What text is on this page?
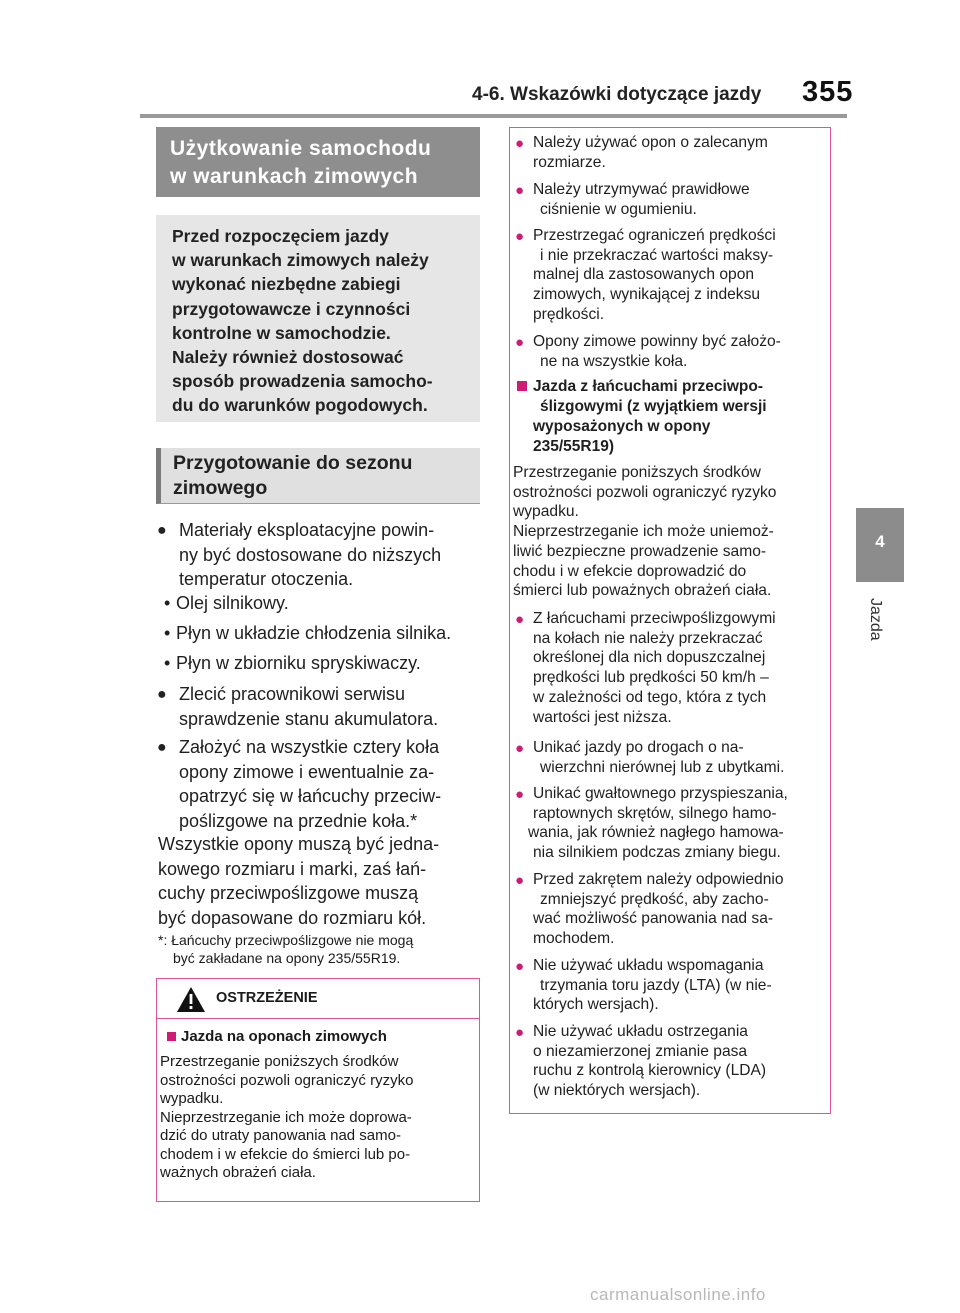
4-6. Wskazówki dotyczące jazdy 355
4
Jazda
Użytkowanie samochodu
w warunkach zimowych
Przed rozpoczęciem jazdy
w warunkach zimowych należy
wykonać niezbędne zabiegi
przygotowawcze i czynności
kontrolne w samochodzie.
Należy również dostosować
sposób prowadzenia samocho-
du do warunków pogodowych.
Przygotowanie do sezonu
zimowego
● Materiały eksploatacyjne powin-
ny być dostosowane do niższych
temperatur otoczenia.
• Olej silnikowy.
• Płyn w układzie chłodzenia silnika.
• Płyn w zbiorniku spryskiwaczy.
● Zlecić pracownikowi serwisu
sprawdzenie stanu akumulatora.
● Założyć na wszystkie cztery koła
opony zimowe i ewentualnie za-
opatrzyć się w łańcuchy przeciw-
poślizgowe na przednie koła.*
Wszystkie opony muszą być jedna-
kowego rozmiaru i marki, zaś łań-
cuchy przeciwpoślizgowe muszą
być dopasowane do rozmiaru kół.
*: Łańcuchy przeciwpoślizgowe nie mogą
być zakładane na opony 235/55R19.
OSTRZEŻENIE
Jazda na oponach zimowych
Przestrzeganie poniższych środków
ostrożności pozwoli ograniczyć ryzyko
wypadku.
Nieprzestrzeganie ich może doprowa-
dzić do utraty panowania nad samo-
chodem i w efekcie do śmierci lub po-
ważnych obrażeń ciała.
● Należy używać opon o zalecanym
rozmiarze.
● Należy utrzymywać prawidłowe
ciśnienie w ogumieniu.
● Przestrzegać ograniczeń prędkości
i nie przekraczać wartości maksy-
malnej dla zastosowanych opon
zimowych, wynikającej z indeksu
prędkości.
● Opony zimowe powinny być założo-
ne na wszystkie koła.
Jazda z łańcuchami przeciwpo-
ślizgowymi (z wyjątkiem wersji
wyposażonych w opony
235/55R19)
Przestrzeganie poniższych środków
ostrożności pozwoli ograniczyć ryzyko
wypadku.
Nieprzestrzeganie ich może uniemoż-
liwić bezpieczne prowadzenie samo-
chodu i w efekcie doprowadzić do
śmierci lub poważnych obrażeń ciała.
● Z łańcuchami przeciwpoślizgowymi
na kołach nie należy przekraczać
określonej dla nich dopuszczalnej
prędkości lub prędkości 50 km/h –
w zależności od tego, która z tych
wartości jest niższa.
● Unikać jazdy po drogach o na-
wierzchni nierównej lub z ubytkami.
● Unikać gwałtownego przyspieszania,
raptownych skrętów, silnego hamo-
wania, jak również nagłego hamowa-
nia silnikiem podczas zmiany biegu.
● Przed zakrętem należy odpowiednio
zmniejszyć prędkość, aby zacho-
wać możliwość panowania nad sa-
mochodem.
● Nie używać układu wspomagania
trzymania toru jazdy (LTA) (w nie-
których wersjach).
● Nie używać układu ostrzegania
o niezamierzonej zmianie pasa
ruchu z kontrolą kierownicy (LDA)
(w niektórych wersjach).
carmanualsonline.info
